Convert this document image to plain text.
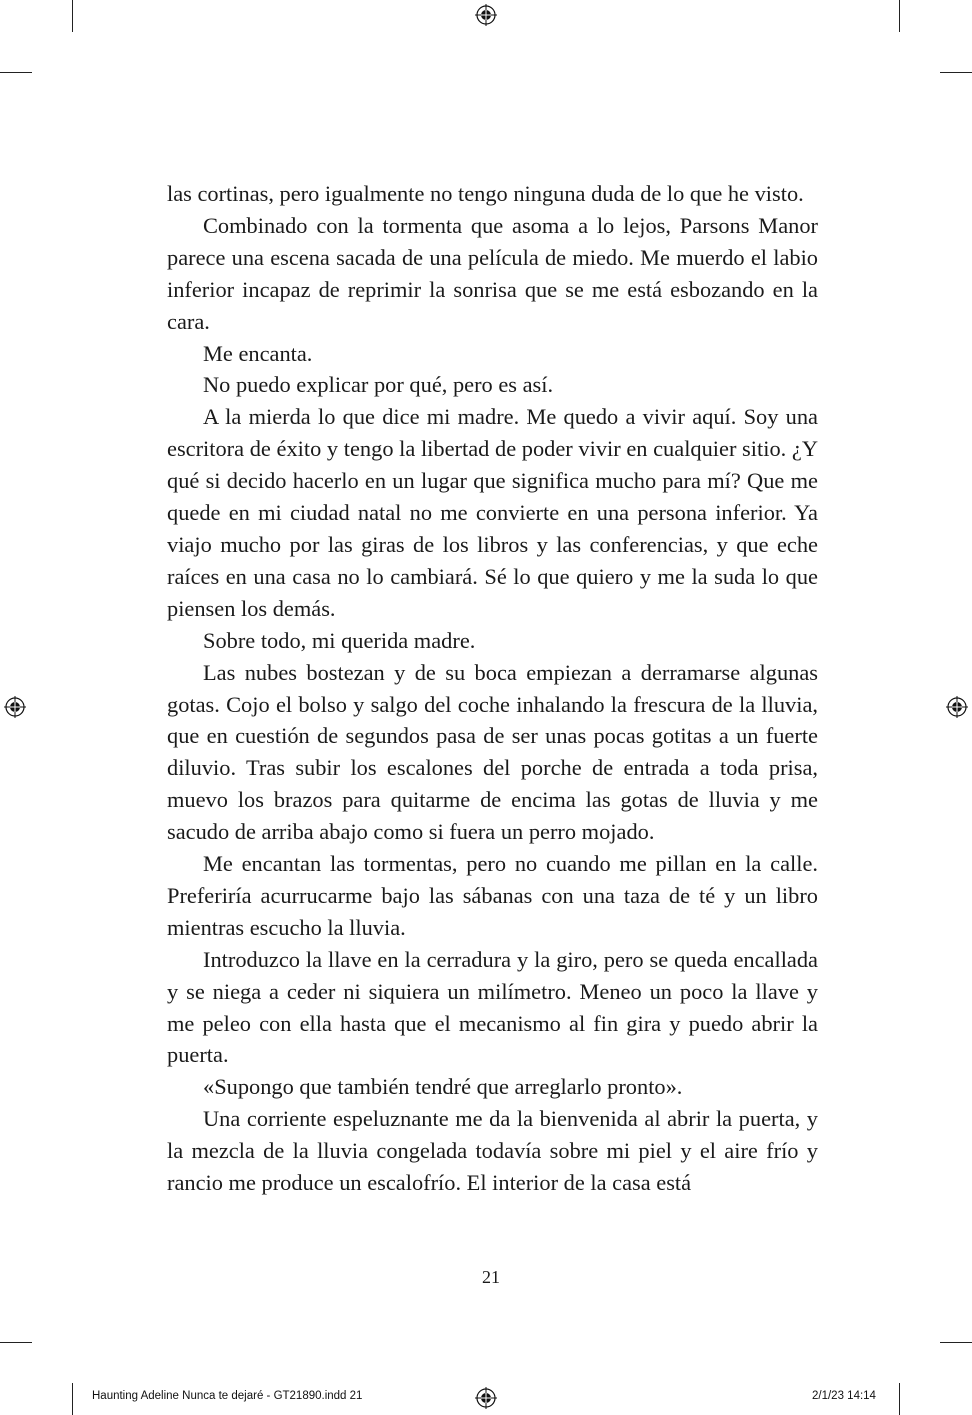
las cortinas, pero igualmente no tengo ninguna duda de lo que he visto.

Combinado con la tormenta que asoma a lo lejos, Parsons Manor parece una escena sacada de una película de miedo. Me muerdo el labio inferior incapaz de reprimir la sonrisa que se me está esbozando en la cara.

Me encanta.

No puedo explicar por qué, pero es así.

A la mierda lo que dice mi madre. Me quedo a vivir aquí. Soy una escritora de éxito y tengo la libertad de poder vivir en cualquier sitio. ¿Y qué si decido hacerlo en un lugar que significa mucho para mí? Que me quede en mi ciudad natal no me convierte en una persona inferior. Ya viajo mucho por las giras de los libros y las conferencias, y que eche raíces en una casa no lo cambiará. Sé lo que quiero y me la suda lo que piensen los demás.

Sobre todo, mi querida madre.

Las nubes bostezan y de su boca empiezan a derramarse algunas gotas. Cojo el bolso y salgo del coche inhalando la frescura de la lluvia, que en cuestión de segundos pasa de ser unas pocas gotitas a un fuerte diluvio. Tras subir los escalones del porche de entrada a toda prisa, muevo los brazos para quitarme de encima las gotas de lluvia y me sacudo de arriba abajo como si fuera un perro mojado.

Me encantan las tormentas, pero no cuando me pillan en la calle. Preferiría acurrucarme bajo las sábanas con una taza de té y un libro mientras escucho la lluvia.

Introduzco la llave en la cerradura y la giro, pero se queda encallada y se niega a ceder ni siquiera un milímetro. Meneo un poco la llave y me peleo con ella hasta que el mecanismo al fin gira y puedo abrir la puerta.

«Supongo que también tendré que arreglarlo pronto».

Una corriente espeluznante me da la bienvenida al abrir la puerta, y la mezcla de la lluvia congelada todavía sobre mi piel y el aire frío y rancio me produce un escalofrío. El interior de la casa está

21
Haunting Adeline Nunca te dejaré - GT21890.indd 21	2/1/23 14:14
